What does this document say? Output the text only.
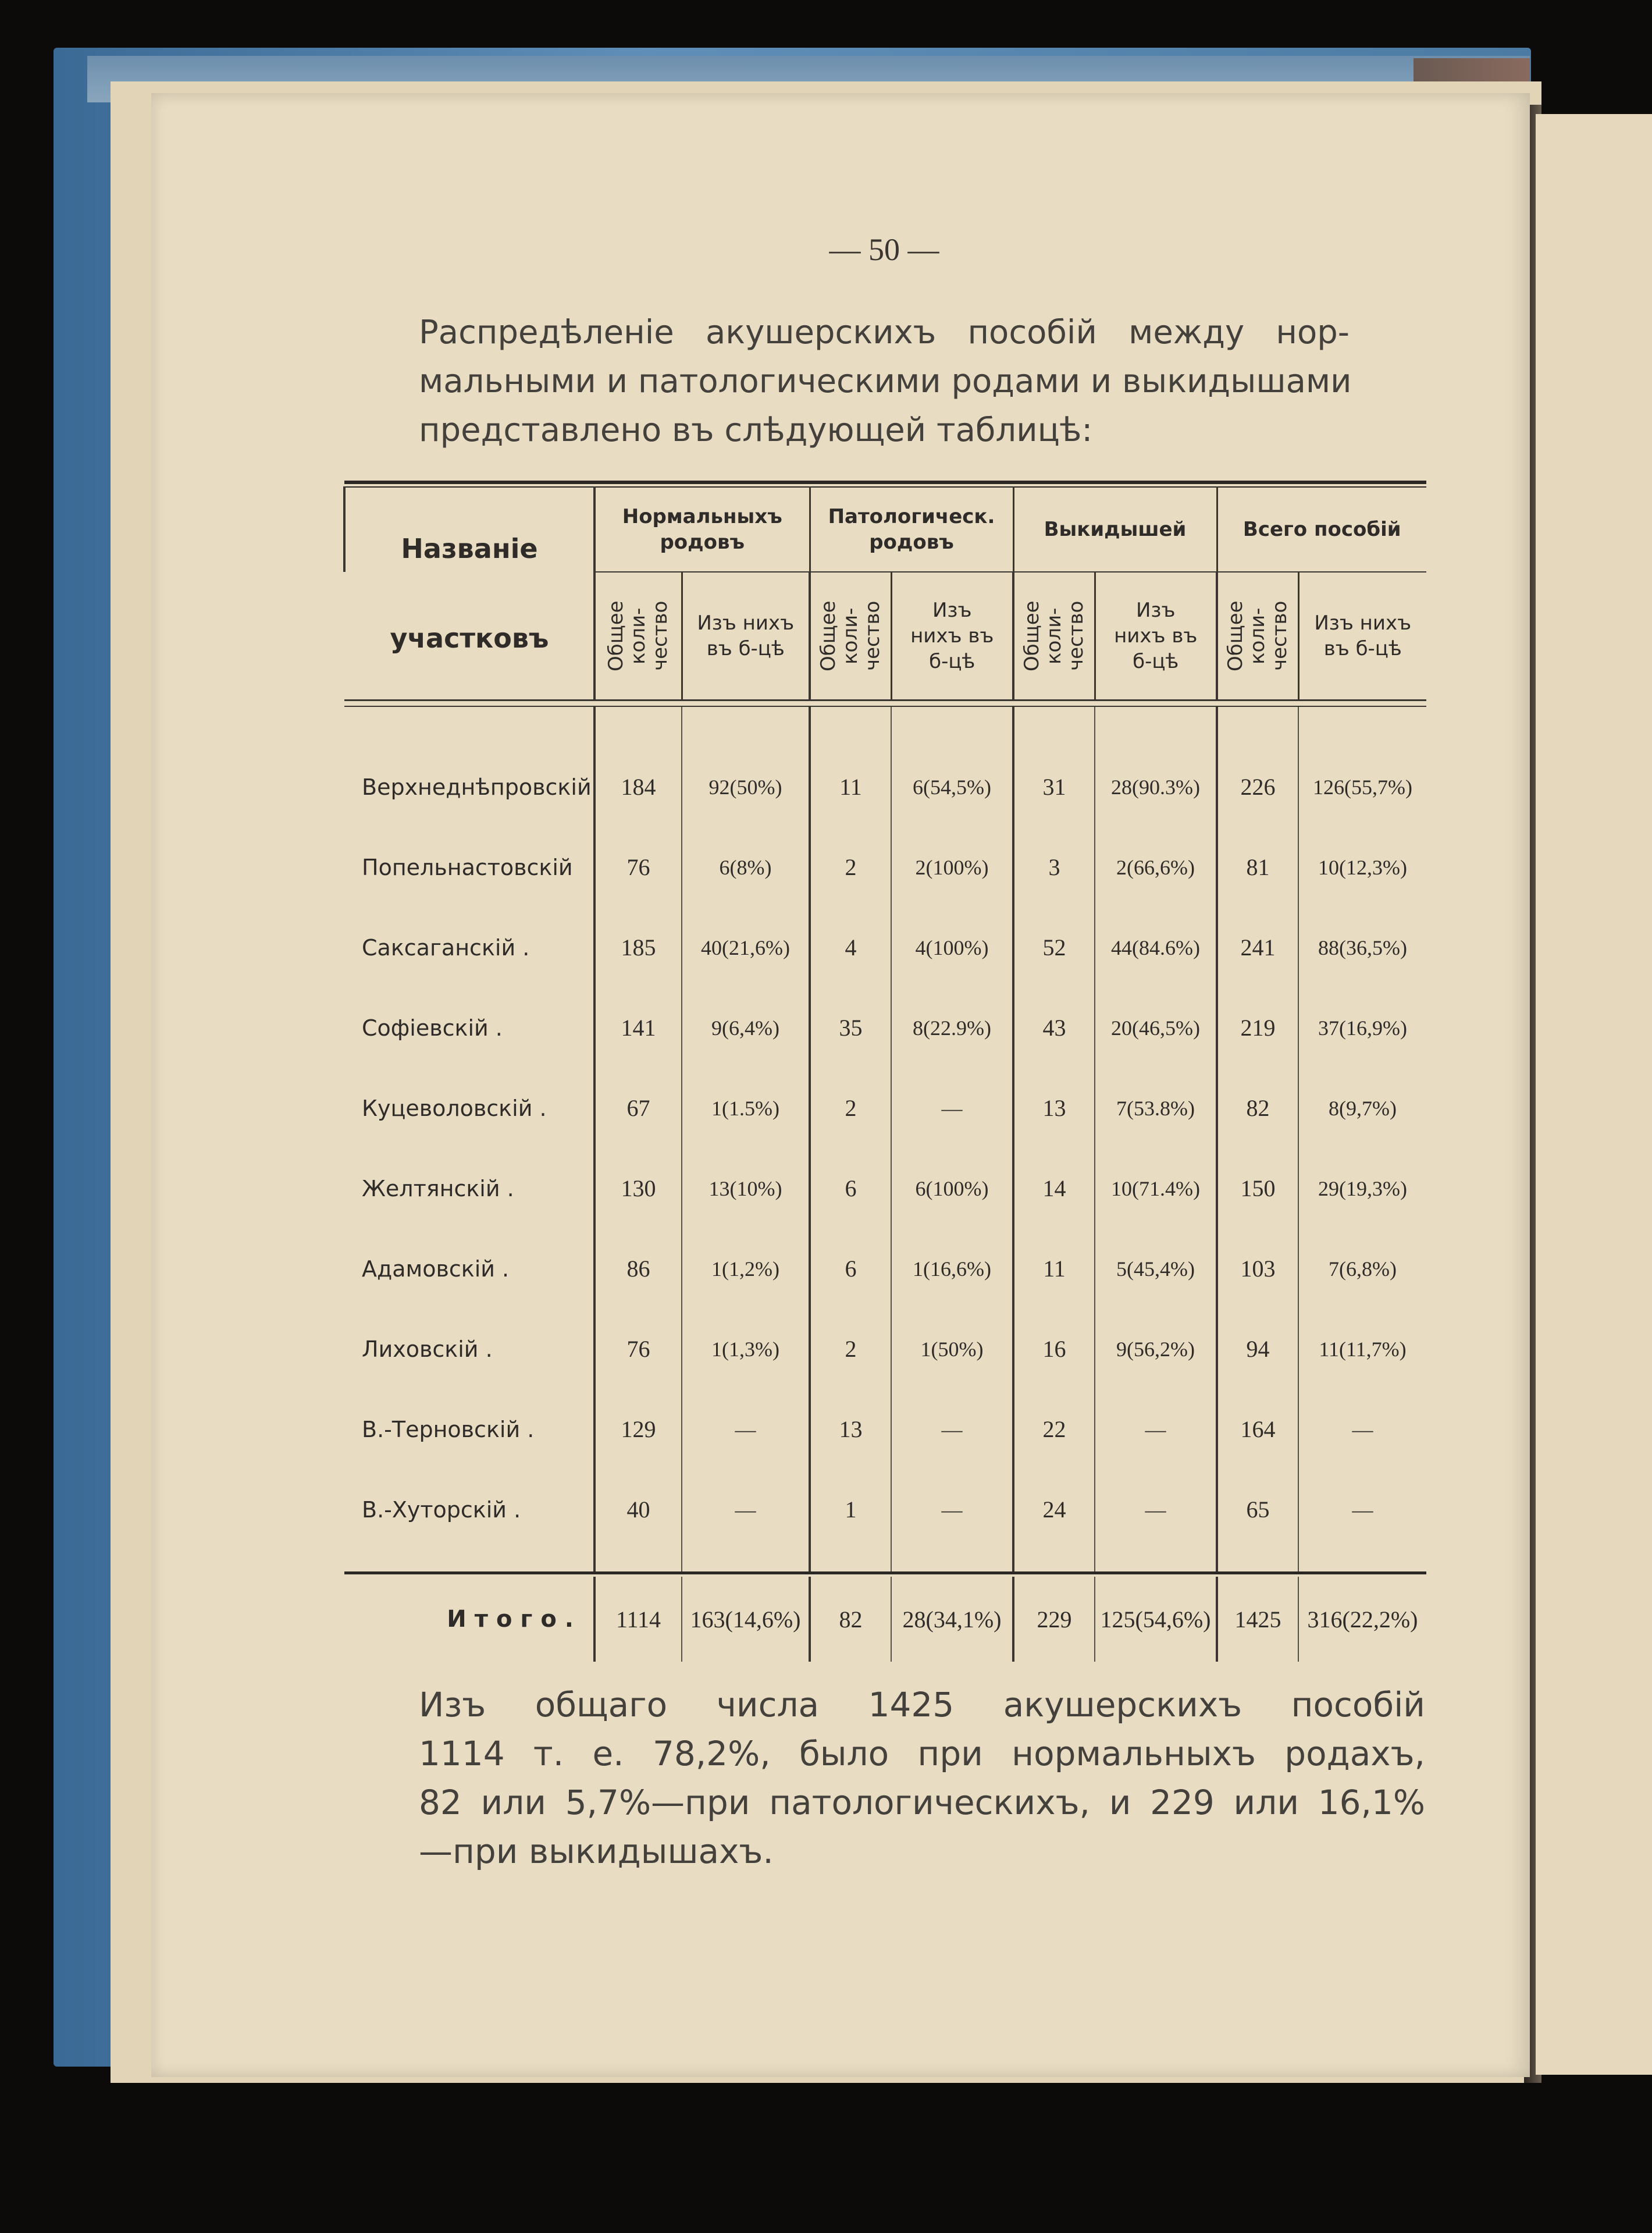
— 50 —
Распредѣленіе акушерскихъ пособій между нор-
мальными и патологическими родами и выкидышами
представлено въ слѣдующей таблицѣ:

Названіе
участковъ	Нормальныхъ родовъ		Патологическ. родовъ		Выкидышей		Всего пособій	

	Общее коли- чество	Изъ нихъ въ б-цѣ	Общее коли- чество	Изъ нихъ въ б-цѣ	Общее коли- чество	Изъ нихъ въ б-цѣ	Общее коли- чество	Изъ нихъ въ б-цѣ

Верхнеднѣпровскій	184	92(50%)	11	6(54,5%)	31	28(90.3%)	226	126(55,7%)
Попельнастовскій	76	6(8%)	2	2(100%)	3	2(66,6%)	81	10(12,3%)
Саксаганскій .	185	40(21,6%)	4	4(100%)	52	44(84.6%)	241	88(36,5%)
Софіевскій .	141	9(6,4%)	35	8(22.9%)	43	20(46,5%)	219	37(16,9%)
Куцеволовскій .	67	1(1.5%)	2	—	13	7(53.8%)	82	8(9,7%)
Желтянскій .	130	13(10%)	6	6(100%)	14	10(71.4%)	150	29(19,3%)
Адамовскій .	86	1(1,2%)	6	1(16,6%)	11	5(45,4%)	103	7(6,8%)
Лиховскій .	76	1(1,3%)	2	1(50%)	16	9(56,2%)	94	11(11,7%)
В.-Терновскій .	129	—	13	—	22	—	164	—
В.-Хуторскій .	40	—	1	—	24	—	65	—

Итого.	1114	163(14,6%)	82	28(34,1%)	229	125(54,6%)	1425	316(22,2%)
Изъ общаго числа 1425 акушерскихъ пособій
1114 т. е. 78,2%, было при нормальныхъ родахъ,
82 или 5,7%—при патологическихъ, и 229 или 16,1%
—при выкидышахъ.
